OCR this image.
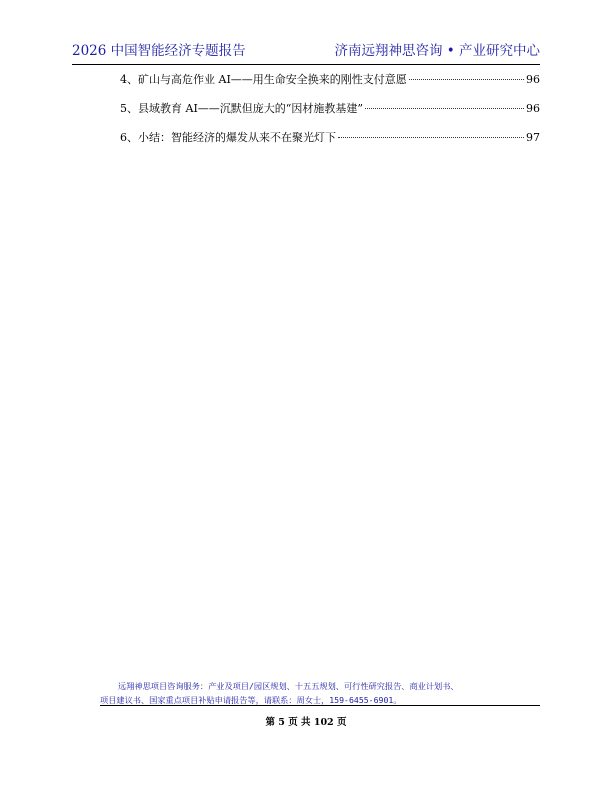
2026 中国智能经济专题报告	济南远翔神思咨询 • 产业研究中心
4、矿山与高危作业 AI——用生命安全换来的刚性支付意愿	96
5、县域教育 AI——沉默但庞大的“因材施教基建”	96
6、小结：智能经济的爆发从来不在聚光灯下	97
远翔神思项目咨询服务：产业及项目/园区规划、十五五规划、可行性研究报告、商业计划书、
项目建议书、国家重点项目补贴申请报告等，请联系：周女士，159-6455-6901。
第 5 页 共 102 页
